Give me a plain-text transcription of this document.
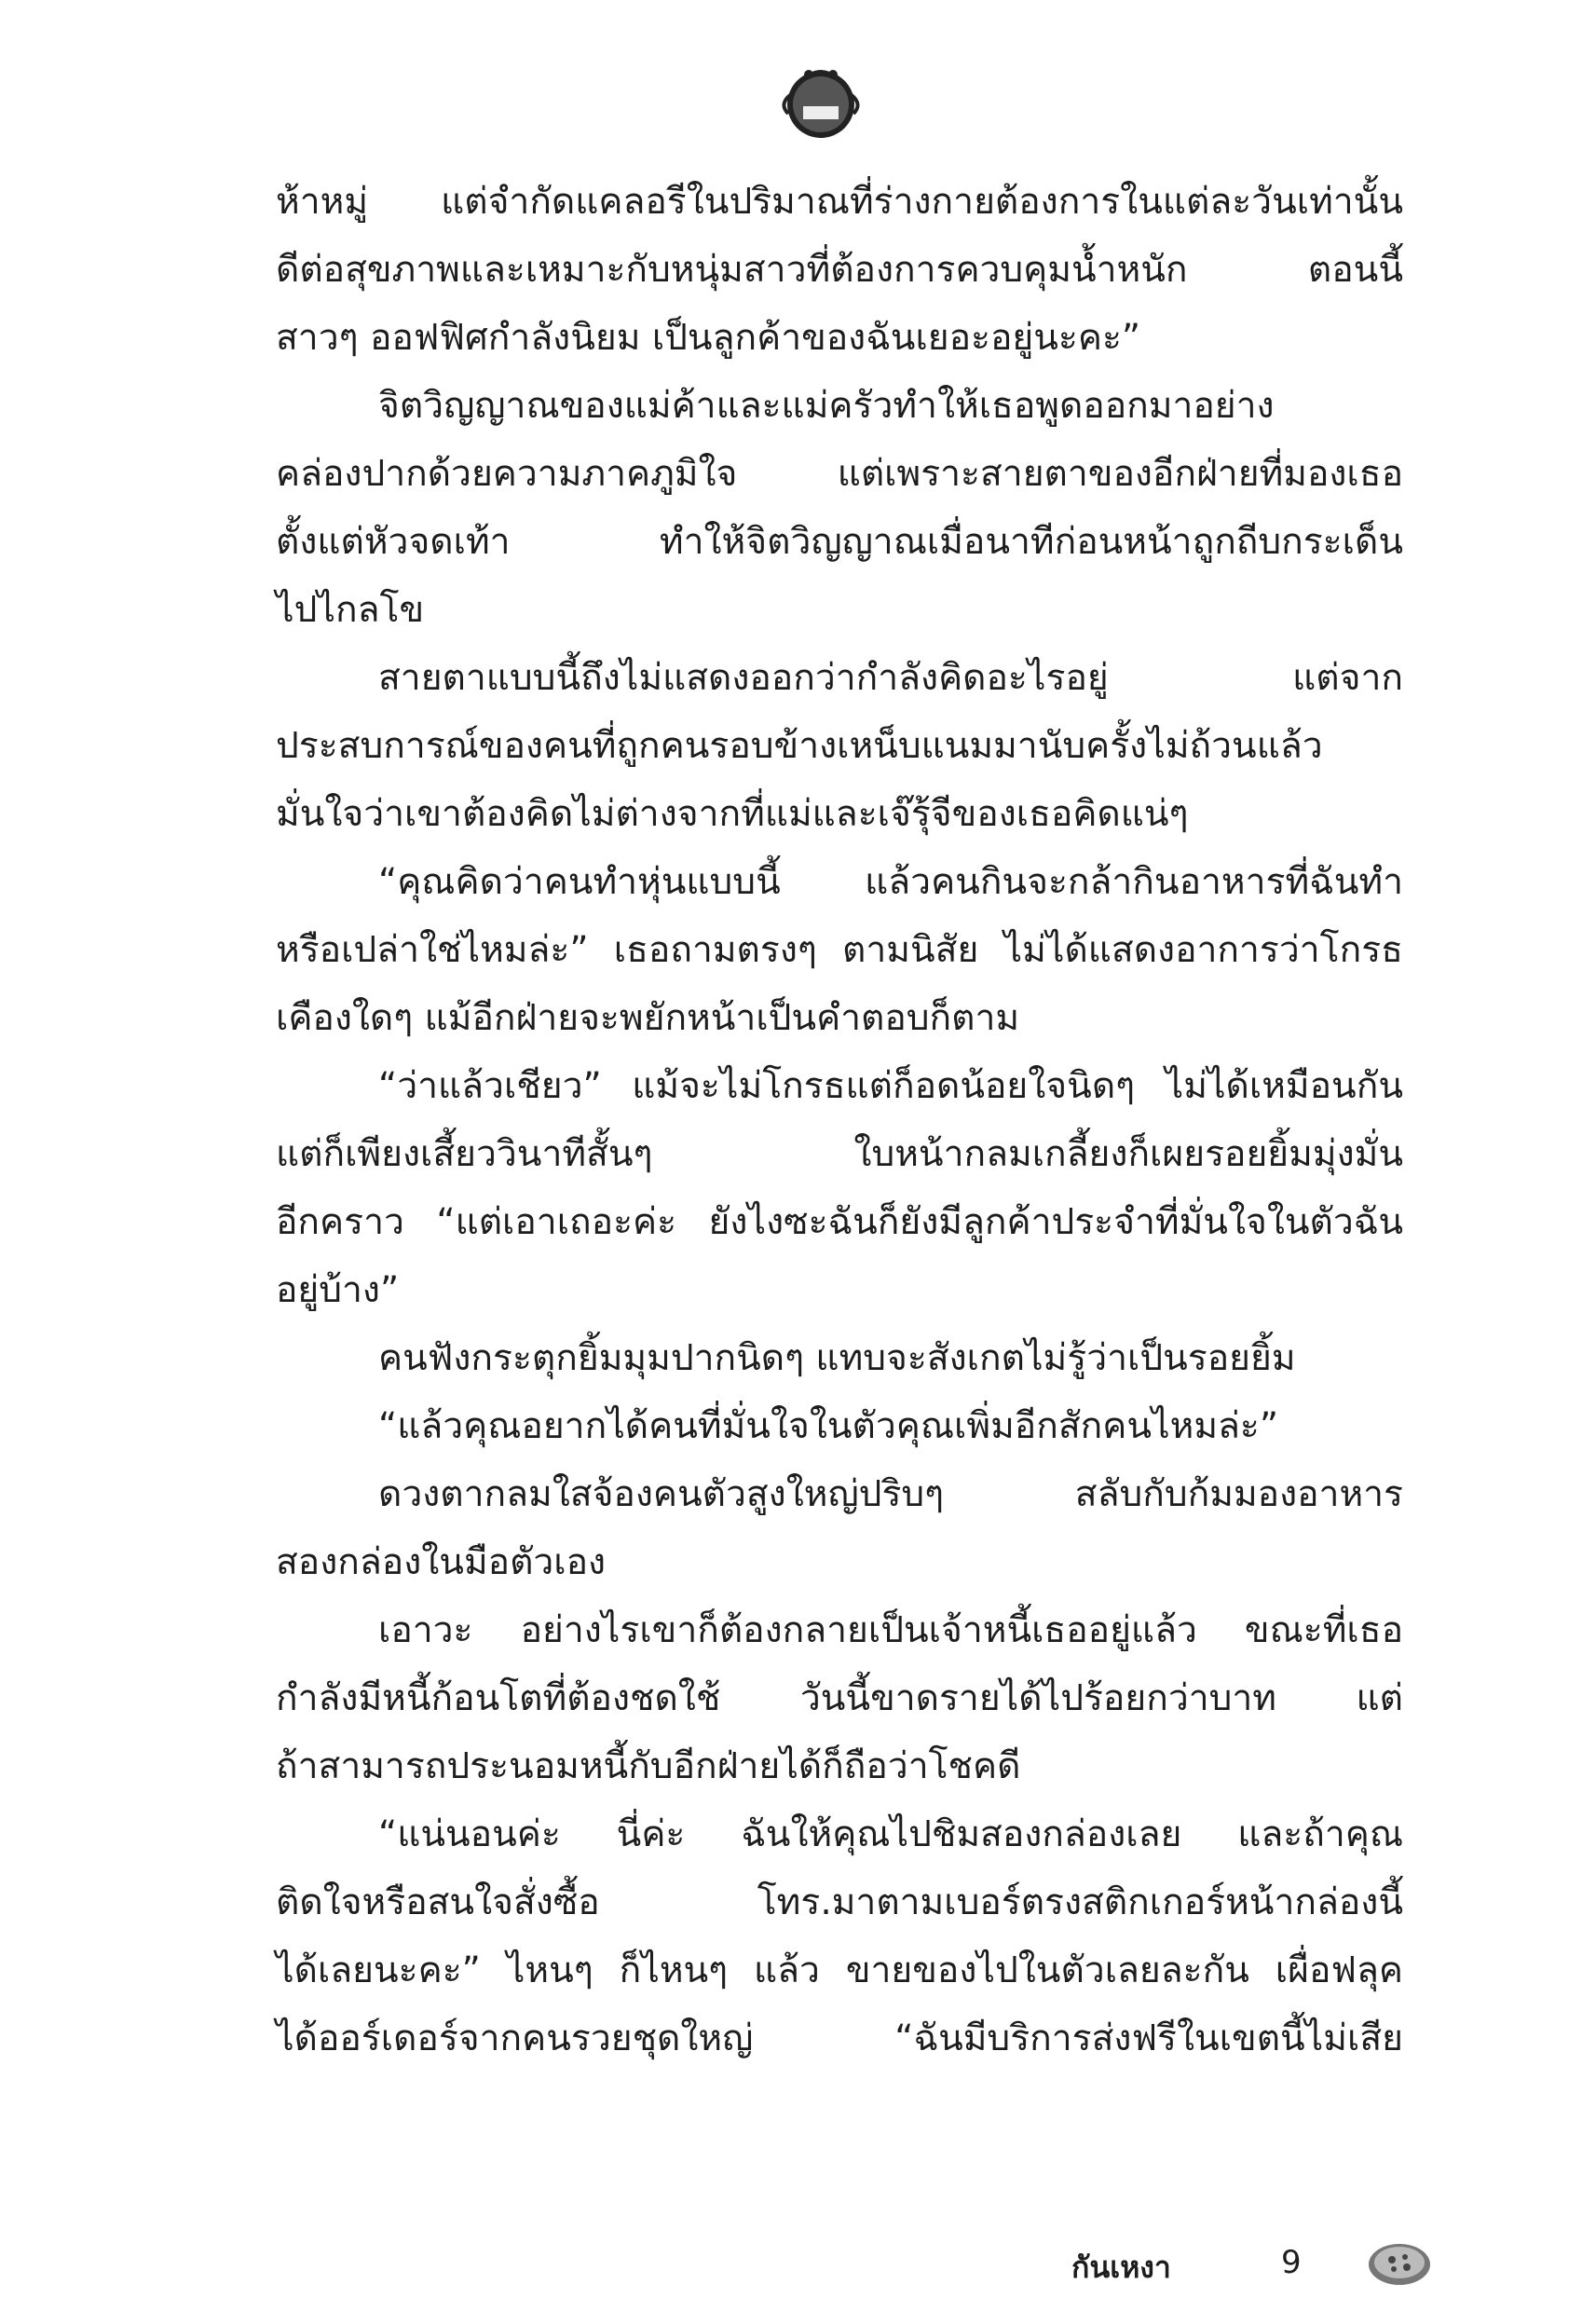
ห้าหมู่ แต่จำกัดแคลอรีในปริมาณที่ร่างกายต้องการในแต่ละวันเท่านั้น
ดีต่อสุขภาพและเหมาะกับหนุ่มสาวที่ต้องการควบคุมน้ำหนัก ตอนนี้
สาวๆ ออฟฟิศกำลังนิยม เป็นลูกค้าของฉันเยอะอยู่นะคะ”
จิตวิญญาณของแม่ค้าและแม่ครัวทำให้เธอพูดออกมาอย่าง
คล่องปากด้วยความภาคภูมิใจ แต่เพราะสายตาของอีกฝ่ายที่มองเธอ
ตั้งแต่หัวจดเท้า ทำให้จิตวิญญาณเมื่อนาทีก่อนหน้าถูกถีบกระเด็น
ไปไกลโข
สายตาแบบนี้ถึงไม่แสดงออกว่ากำลังคิดอะไรอยู่ แต่จาก
ประสบการณ์ของคนที่ถูกคนรอบข้างเหน็บแนมมานับครั้งไม่ถ้วนแล้ว
มั่นใจว่าเขาต้องคิดไม่ต่างจากที่แม่และเจ๊รุ้จีของเธอคิดแน่ๆ
“คุณคิดว่าคนทำหุ่นแบบนี้ แล้วคนกินจะกล้ากินอาหารที่ฉันทำ
หรือเปล่าใช่ไหมล่ะ” เธอถามตรงๆ ตามนิสัย ไม่ได้แสดงอาการว่าโกรธ
เคืองใดๆ แม้อีกฝ่ายจะพยักหน้าเป็นคำตอบก็ตาม
“ว่าแล้วเชียว” แม้จะไม่โกรธแต่ก็อดน้อยใจนิดๆ ไม่ได้เหมือนกัน
แต่ก็เพียงเสี้ยววินาทีสั้นๆ ใบหน้ากลมเกลี้ยงก็เผยรอยยิ้มมุ่งมั่น
อีกคราว “แต่เอาเถอะค่ะ ยังไงซะฉันก็ยังมีลูกค้าประจำที่มั่นใจในตัวฉัน
อยู่บ้าง”
คนฟังกระตุกยิ้มมุมปากนิดๆ แทบจะสังเกตไม่รู้ว่าเป็นรอยยิ้ม
“แล้วคุณอยากได้คนที่มั่นใจในตัวคุณเพิ่มอีกสักคนไหมล่ะ”
ดวงตากลมใสจ้องคนตัวสูงใหญ่ปริบๆ สลับกับก้มมองอาหาร
สองกล่องในมือตัวเอง
เอาวะ อย่างไรเขาก็ต้องกลายเป็นเจ้าหนี้เธออยู่แล้ว ขณะที่เธอ
กำลังมีหนี้ก้อนโตที่ต้องชดใช้ วันนี้ขาดรายได้ไปร้อยกว่าบาท แต่
ถ้าสามารถประนอมหนี้กับอีกฝ่ายได้ก็ถือว่าโชคดี
“แน่นอนค่ะ นี่ค่ะ ฉันให้คุณไปชิมสองกล่องเลย และถ้าคุณ
ติดใจหรือสนใจสั่งซื้อ โทร.มาตามเบอร์ตรงสติกเกอร์หน้ากล่องนี้
ได้เลยนะคะ” ไหนๆ ก็ไหนๆ แล้ว ขายของไปในตัวเลยละกัน เผื่อฟลุค
ได้ออร์เดอร์จากคนรวยชุดใหญ่ “ฉันมีบริการส่งฟรีในเขตนี้ไม่เสีย
กันเหงา	9
